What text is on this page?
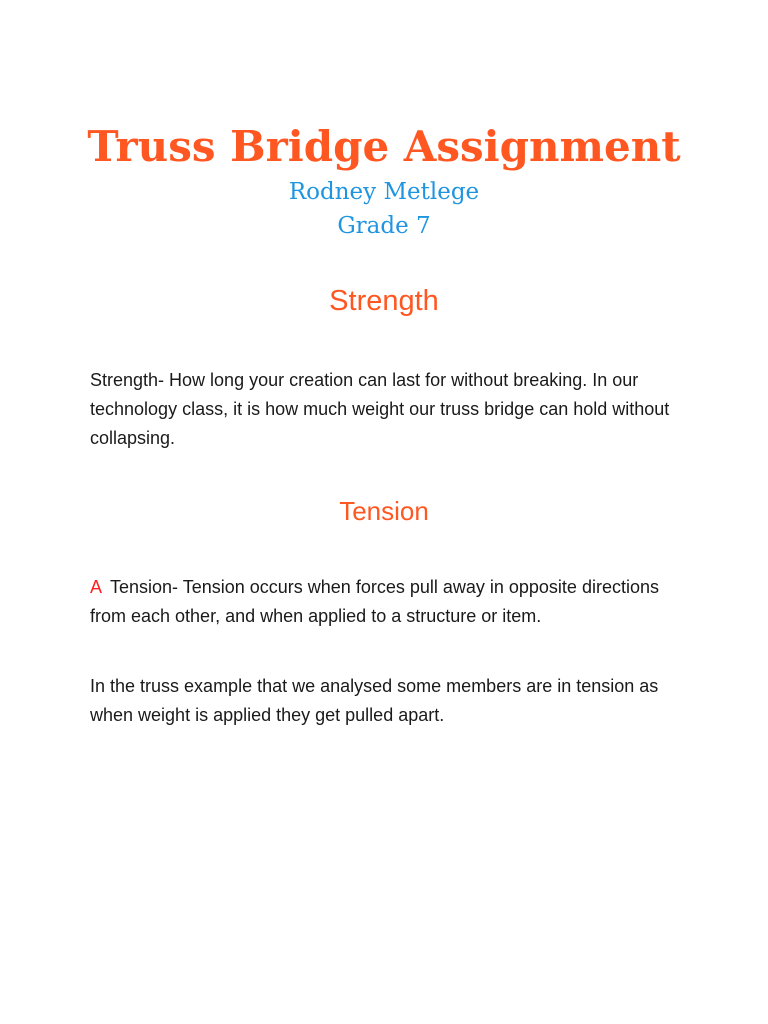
Truss Bridge Assignment
Rodney Metlege
Grade 7
Strength
Strength- How long your creation can last for without breaking. In our technology class, it is how much weight our truss bridge can hold without collapsing.
Tension
A Tension- Tension occurs when forces pull away in opposite directions from each other, and when applied to a structure or item.
In the truss example that we analysed some members are in tension as when weight is applied they get pulled apart.
